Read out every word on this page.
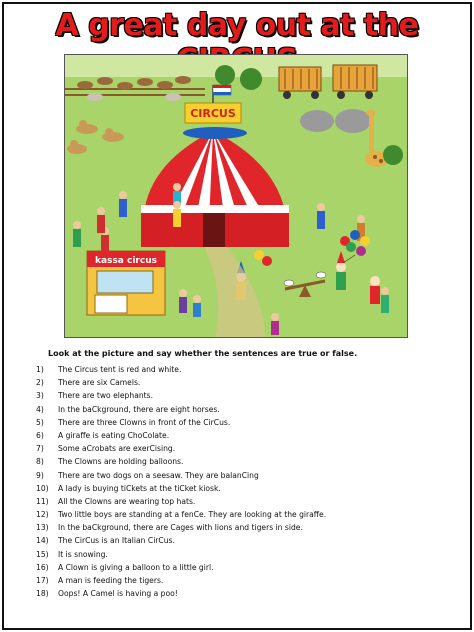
A great day out at the
CIRCUS
kassa circus

Look at the picture and say whether the sentences are true or false.

1)	The Circus tent is red and white.
2)	There are six Camels.
3)	There are two elephants.
4)	In the baCkground, there are eight horses.
5)	There are three Clowns in front of the CirCus.
6)	A giraffe is eating ChoColate.
7)	Some aCrobats are exerCising.
8)	The Clowns are holding balloons.
9)	There are two dogs on a seesaw. They are balanCing
10)	A lady is buying tiCkets at the tiCket kiosk.
11)	All the Clowns are wearing top hats.
12)	Two little boys are standing at a fenCe. They are looking at the giraffe.
13)	In the baCkground, there are Cages with lions and tigers in side.
14)	The CirCus is an Italian CirCus.
15)	It is snowing.
16)	A Clown is giving a balloon to a little girl.
17)	A man is feeding the tigers.
18)	Oops! A Camel is having a poo!
